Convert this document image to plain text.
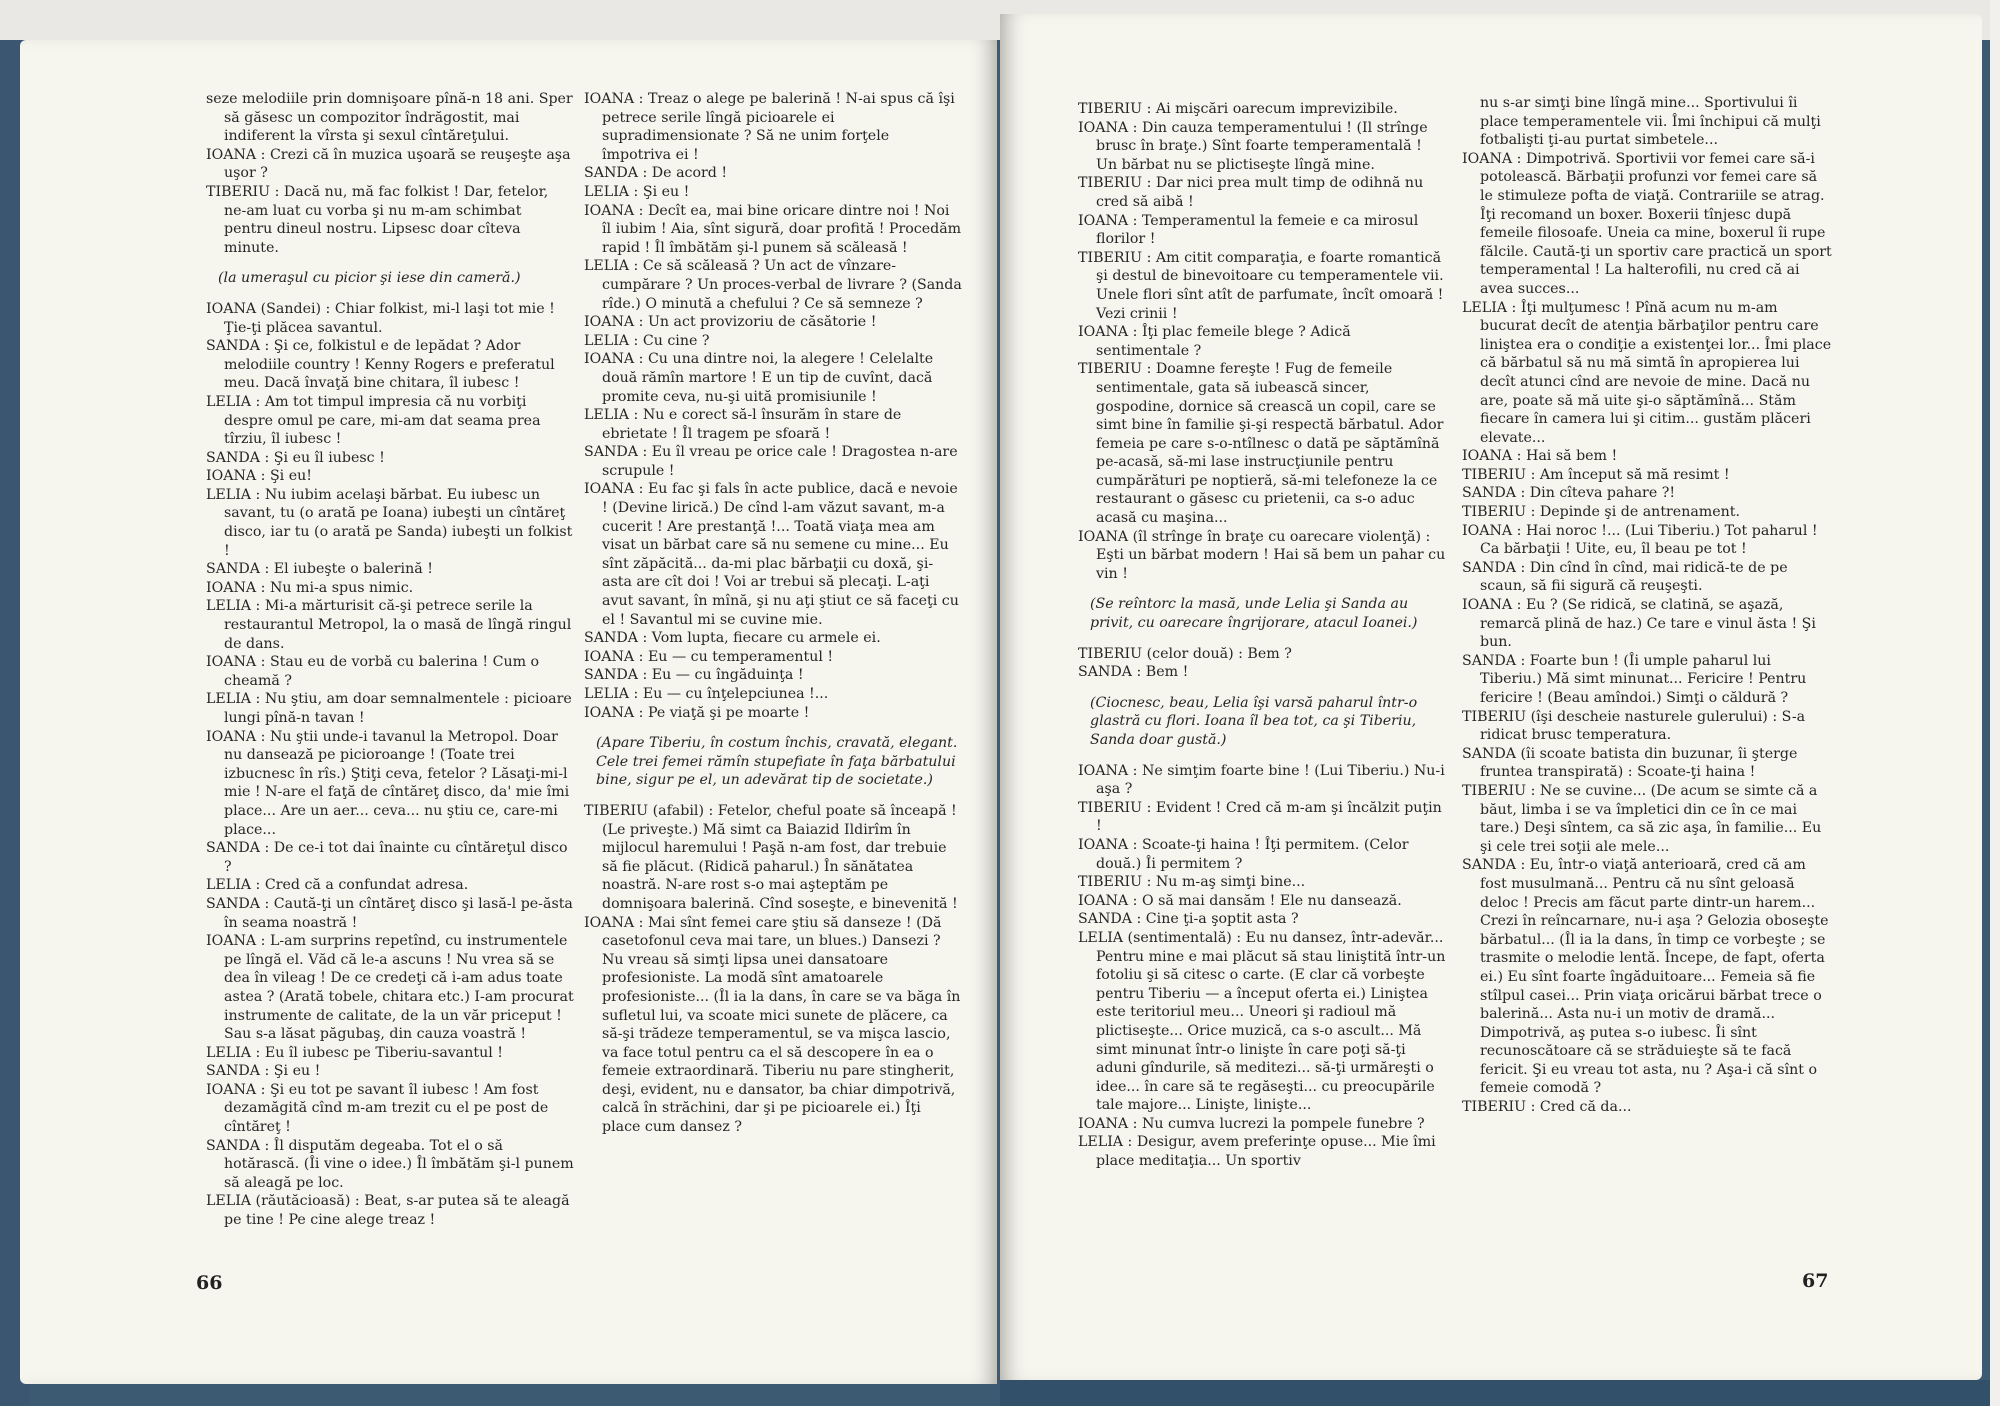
seze melodiile prin domnişoare pînă-n 18 ani. Sper să găsesc un compozitor îndrăgostit, mai indiferent la vîrsta şi sexul cîntăreţului.

IOANA : Crezi că în muzica uşoară se reuşeşte aşa uşor ?

TIBERIU : Dacă nu, mă fac folkist ! Dar, fetelor, ne-am luat cu vorba şi nu m-am schimbat pentru dineul nostru. Lipsesc doar cîteva minute.

(la umeraşul cu picior şi iese din cameră.)

IOANA (Sandei) : Chiar folkist, mi-l laşi tot mie ! Ţie-ţi plăcea savantul.

SANDA : Şi ce, folkistul e de lepădat ? Ador melodiile country ! Kenny Rogers e preferatul meu. Dacă învaţă bine chitara, îl iubesc !

LELIA : Am tot timpul impresia că nu vorbiţi despre omul pe care, mi-am dat seama prea tîrziu, îl iubesc !

SANDA : Şi eu îl iubesc !

IOANA : Şi eu!

LELIA : Nu iubim acelaşi bărbat. Eu iubesc un savant, tu (o arată pe Ioana) iubeşti un cîntăreţ disco, iar tu (o arată pe Sanda) iubeşti un folkist !

SANDA : El iubeşte o balerină !

IOANA : Nu mi-a spus nimic.

LELIA : Mi-a mărturisit că-şi petrece serile la restaurantul Metropol, la o masă de lîngă ringul de dans.

IOANA : Stau eu de vorbă cu balerina ! Cum o cheamă ?

LELIA : Nu ştiu, am doar semnalmentele : picioare lungi pînă-n tavan !

IOANA : Nu ştii unde-i tavanul la Metropol. Doar nu dansează pe picioroange ! (Toate trei izbucnesc în rîs.) Ştiţi ceva, fetelor ? Lăsaţi-mi-l mie ! N-are el faţă de cîntăreţ disco, da' mie îmi place... Are un aer... ceva... nu ştiu ce, care-mi place...

SANDA : De ce-i tot dai înainte cu cîntăreţul disco ?

LELIA : Cred că a confundat adresa.

SANDA : Caută-ţi un cîntăreţ disco şi lasă-l pe-ăsta în seama noastră !

IOANA : L-am surprins repetînd, cu instrumentele pe lîngă el. Văd că le-a ascuns ! Nu vrea să se dea în vileag ! De ce credeţi că i-am adus toate astea ? (Arată tobele, chitara etc.) I-am procurat instrumente de calitate, de la un văr priceput ! Sau s-a lăsat păgubaş, din cauza voastră !

LELIA : Eu îl iubesc pe Tiberiu-savantul !

SANDA : Şi eu !

IOANA : Şi eu tot pe savant îl iubesc ! Am fost dezamăgită cînd m-am trezit cu el pe post de cîntăreţ !

SANDA : Îl disputăm degeaba. Tot el o să hotărască. (Îi vine o idee.) Îl îmbătăm şi-l punem să aleagă pe loc.

LELIA (răutăcioasă) : Beat, s-ar putea să te aleagă pe tine ! Pe cine alege treaz !

IOANA : Treaz o alege pe balerină ! N-ai spus că îşi petrece serile lîngă picioarele ei supradimensionate ? Să ne unim forţele împotriva ei !

SANDA : De acord !

LELIA : Şi eu !

IOANA : Decît ea, mai bine oricare dintre noi ! Noi îl iubim ! Aia, sînt sigură, doar profită ! Procedăm rapid ! Îl îmbătăm şi-l punem să scăleasă !

LELIA : Ce să scăleasă ? Un act de vînzare-cumpărare ? Un proces-verbal de livrare ? (Sanda rîde.) O minută a chefului ? Ce să semneze ?

IOANA : Un act provizoriu de căsătorie !

LELIA : Cu cine ?

IOANA : Cu una dintre noi, la alegere ! Celelalte două rămîn martore ! E un tip de cuvînt, dacă promite ceva, nu-şi uită promisiunile !

LELIA : Nu e corect să-l însurăm în stare de ebrietate ! Îl tragem pe sfoară !

SANDA : Eu îl vreau pe orice cale ! Dragostea n-are scrupule !

IOANA : Eu fac şi fals în acte publice, dacă e nevoie ! (Devine lirică.) De cînd l-am văzut savant, m-a cucerit ! Are prestanţă !... Toată viaţa mea am visat un bărbat care să nu semene cu mine... Eu sînt zăpăcită... da-mi plac bărbaţii cu doxă, şi-asta are cît doi ! Voi ar trebui să plecaţi. L-aţi avut savant, în mînă, şi nu aţi ştiut ce să faceţi cu el ! Savantul mi se cuvine mie.

SANDA : Vom lupta, fiecare cu armele ei.

IOANA : Eu — cu temperamentul !

SANDA : Eu — cu îngăduinţa !

LELIA : Eu — cu înţelepciunea !...

IOANA : Pe viaţă şi pe moarte !

(Apare Tiberiu, în costum închis, cravată, elegant. Cele trei femei rămîn stupefiate în faţa bărbatului bine, sigur pe el, un adevărat tip de societate.)

TIBERIU (afabil) : Fetelor, cheful poate să înceapă ! (Le priveşte.) Mă simt ca Baiazid Ildirîm în mijlocul haremului ! Paşă n-am fost, dar trebuie să fie plăcut. (Ridică paharul.) În sănătatea noastră. N-are rost s-o mai aşteptăm pe domnişoara balerină. Cînd soseşte, e binevenită !

IOANA : Mai sînt femei care ştiu să danseze ! (Dă casetofonul ceva mai tare, un blues.) Dansezi ? Nu vreau să simţi lipsa unei dansatoare profesioniste. La modă sînt amatoarele profesioniste... (Îl ia la dans, în care se va băga în sufletul lui, va scoate mici sunete de plăcere, ca să-şi trădeze temperamentul, se va mişca lascio, va face totul pentru ca el să descopere în ea o femeie extraordinară. Tiberiu nu pare stingherit, deşi, evident, nu e dansator, ba chiar dimpotrivă, calcă în străchini, dar şi pe picioarele ei.) Îţi place cum dansez ?

66

TIBERIU : Ai mişcări oarecum imprevizibile.

IOANA : Din cauza temperamentului ! (Il strînge brusc în braţe.) Sînt foarte temperamentală ! Un bărbat nu se plictiseşte lîngă mine.

TIBERIU : Dar nici prea mult timp de odihnă nu cred să aibă !

IOANA : Temperamentul la femeie e ca mirosul florilor !

TIBERIU : Am citit comparaţia, e foarte romantică şi destul de binevoitoare cu temperamentele vii. Unele flori sînt atît de parfumate, încît omoară ! Vezi crinii !

IOANA : Îţi plac femeile blege ? Adică sentimentale ?

TIBERIU : Doamne fereşte ! Fug de femeile sentimentale, gata să iubească sincer, gospodine, dornice să crească un copil, care se simt bine în familie şi-şi respectă bărbatul. Ador femeia pe care s-o-ntîlnesc o dată pe săptămînă pe-acasă, să-mi lase instrucţiunile pentru cumpărături pe noptieră, să-mi telefoneze la ce restaurant o găsesc cu prietenii, ca s-o aduc acasă cu maşina...

IOANA (îl strînge în braţe cu oarecare violenţă) : Eşti un bărbat modern ! Hai să bem un pahar cu vin !

(Se reîntorc la masă, unde Lelia şi Sanda au privit, cu oarecare îngrijorare, atacul Ioanei.)

TIBERIU (celor două) : Bem ?

SANDA : Bem !

(Ciocnesc, beau, Lelia îşi varsă paharul într-o glastră cu flori. Ioana îl bea tot, ca şi Tiberiu, Sanda doar gustă.)

IOANA : Ne simţim foarte bine ! (Lui Tiberiu.) Nu-i aşa ?

TIBERIU : Evident ! Cred că m-am şi încălzit puţin !

IOANA : Scoate-ţi haina ! Îţi permitem. (Celor două.) Îi permitem ?

TIBERIU : Nu m-aş simţi bine...

IOANA : O să mai dansăm ! Ele nu dansează.

SANDA : Cine ţi-a şoptit asta ?

LELIA (sentimentală) : Eu nu dansez, într-adevăr... Pentru mine e mai plăcut să stau liniştită într-un fotoliu şi să citesc o carte. (E clar că vorbeşte pentru Tiberiu — a început oferta ei.) Liniştea este teritoriul meu... Uneori şi radioul mă plictiseşte... Orice muzică, ca s-o ascult... Mă simt minunat într-o linişte în care poţi să-ţi aduni gîndurile, să meditezi... să-ţi urmăreşti o idee... în care să te regăseşti... cu preocupările tale majore... Linişte, linişte...

IOANA : Nu cumva lucrezi la pompele funebre ?

LELIA : Desigur, avem preferinţe opuse... Mie îmi place meditaţia... Un sportiv

nu s-ar simţi bine lîngă mine... Sportivului îi place temperamentele vii. Îmi închipui că mulţi fotbalişti ţi-au purtat simbetele...

IOANA : Dimpotrivă. Sportivii vor femei care să-i potolească. Bărbaţii profunzi vor femei care să le stimuleze pofta de viaţă. Contrariile se atrag. Îţi recomand un boxer. Boxerii tînjesc după femeile filosoafe. Uneia ca mine, boxerul îi rupe fălcile. Caută-ţi un sportiv care practică un sport temperamental ! La halterofili, nu cred că ai avea succes...

LELIA : Îţi mulţumesc ! Pînă acum nu m-am bucurat decît de atenţia bărbaţilor pentru care liniştea era o condiţie a existenţei lor... Îmi place că bărbatul să nu mă simtă în apropierea lui decît atunci cînd are nevoie de mine. Dacă nu are, poate să mă uite şi-o săptămînă... Stăm fiecare în camera lui şi citim... gustăm plăceri elevate...

IOANA : Hai să bem !

TIBERIU : Am început să mă resimt !

SANDA : Din cîteva pahare ?!

TIBERIU : Depinde şi de antrenament.

IOANA : Hai noroc !... (Lui Tiberiu.) Tot paharul ! Ca bărbaţii ! Uite, eu, îl beau pe tot !

SANDA : Din cînd în cînd, mai ridică-te de pe scaun, să fii sigură că reuşeşti.

IOANA : Eu ? (Se ridică, se clatină, se aşază, remarcă plină de haz.) Ce tare e vinul ăsta ! Şi bun.

SANDA : Foarte bun ! (Îi umple paharul lui Tiberiu.) Mă simt minunat... Fericire ! Pentru fericire ! (Beau amîndoi.) Simţi o căldură ?

TIBERIU (îşi descheie nasturele gulerului) : S-a ridicat brusc temperatura.

SANDA (îi scoate batista din buzunar, îi şterge fruntea transpirată) : Scoate-ţi haina !

TIBERIU : Ne se cuvine... (De acum se simte că a băut, limba i se va împletici din ce în ce mai tare.) Deşi sîntem, ca să zic aşa, în familie... Eu şi cele trei soţii ale mele...

SANDA : Eu, într-o viaţă anterioară, cred că am fost musulmană... Pentru că nu sînt geloasă deloc ! Precis am făcut parte dintr-un harem... Crezi în reîncarnare, nu-i aşa ? Gelozia oboseşte bărbatul... (Îl ia la dans, în timp ce vorbeşte ; se trasmite o melodie lentă. Începe, de fapt, oferta ei.) Eu sînt foarte îngăduitoare... Femeia să fie stîlpul casei... Prin viaţa oricărui bărbat trece o balerină... Asta nu-i un motiv de dramă... Dimpotrivă, aş putea s-o iubesc. Îi sînt recunoscătoare că se străduieşte să te facă fericit. Şi eu vreau tot asta, nu ? Aşa-i că sînt o femeie comodă ?

TIBERIU : Cred că da...

67
